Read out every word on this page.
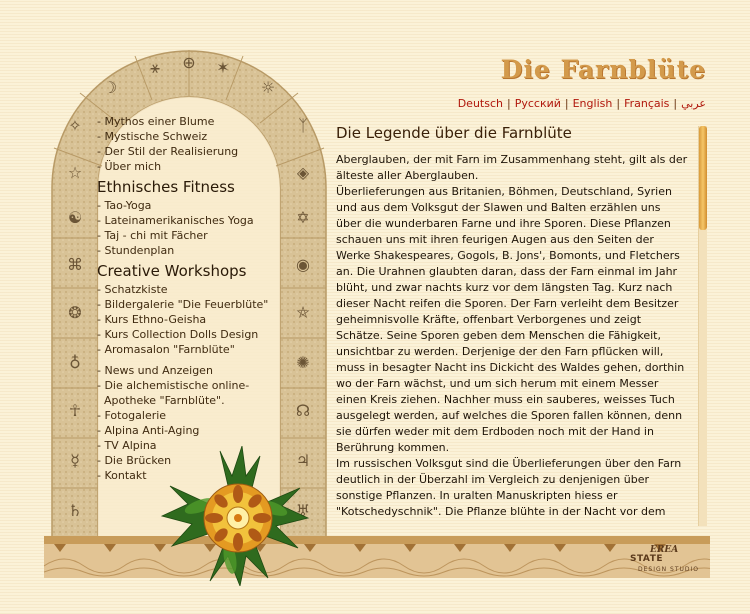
✧
☽
⚹ ⊕ ✶
☼
ᛉ
☆	◈
☯	✡
⌘	◉
❂	⛤
♁	✺
☥	☊
☿	♃
♄	♅
- Mythos einer Blume
- Mystische Schweiz
- Der Stil der Realisierung
- Über mich
Ethnisches Fitness
- Tao-Yoga
- Lateinamerikanisches Yoga
- Taj - chi mit Fächer
- Stundenplan
Creative Workshops
- Schatzkiste
- Bildergalerie "Die Feuerblüte"
- Kurs Ethno-Geisha
- Kurs Collection Dolls Design
- Aromasalon "Farnblüte"
- News und Anzeigen
- Die alchemistische online-
Apotheke "Farnblüte".
- Fotogalerie
- Alpina Anti-Aging
- TV Alpina
- Die Brücken
- Kontakt
Die Farnblüte
Deutsch | Русский | English | Français | عربي
Die Legende über die Farnblüte

Aberglauben, der mit Farn im Zusammenhang steht, gilt als der älteste aller Aberglauben.

Überlieferungen aus Britanien, Böhmen, Deutschland, Syrien und aus dem Volksgut der Slawen und Balten erzählen uns über die wunderbaren Farne und ihre Sporen. Diese Pflanzen schauen uns mit ihren feurigen Augen aus den Seiten der Werke Shakespeares, Gogols, B. Jons', Bomonts, und Fletchers an. Die Urahnen glaubten daran, dass der Farn einmal im Jahr blüht, und zwar nachts kurz vor dem längsten Tag. Kurz nach dieser Nacht reifen die Sporen. Der Farn verleiht dem Besitzer geheimnisvolle Kräfte, offenbart Verborgenes und zeigt Schätze. Seine Sporen geben dem Menschen die Fähigkeit, unsichtbar zu werden. Derjenige der den Farn pflücken will, muss in besagter Nacht ins Dickicht des Waldes gehen, dorthin wo der Farn wächst, und um sich herum mit einem Messer einen Kreis ziehen. Nachher muss ein sauberes, weisses Tuch ausgelegt werden, auf welches die Sporen fallen können, denn sie dürfen weder mit dem Erdboden noch mit der Hand in Berührung kommen.

Im russischen Volksgut sind die Überlieferungen über den Farn deutlich in der Überzahl im Vergleich zu denjenigen über sonstige Pflanzen. In uralten Manuskripten hiess er "Kotschedyschnik". Die Pflanze blühte in der Nacht vor dem

STATE
EREA
DESIGN STUDIO
